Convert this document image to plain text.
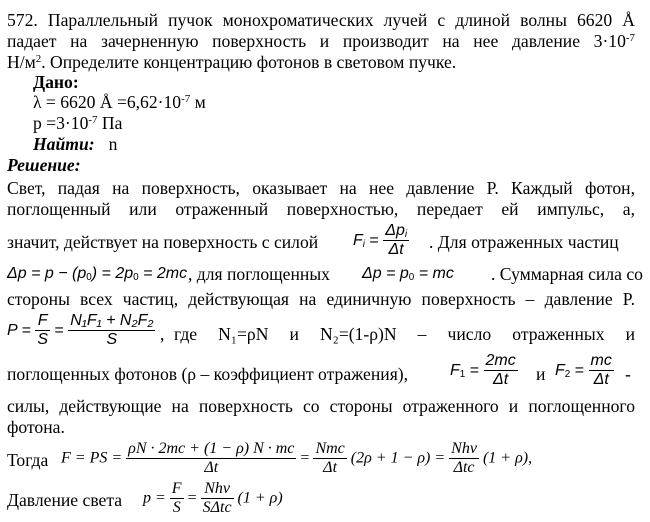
572. Параллельный пучок монохроматических лучей с длиной волны 6620 Å
падает на зачерненную поверхность и производит на нее давление $3\cdot 10^{-7}$
$Н/м^2$. Определите концентрацию фотонов в световом пучке.
Дано:
λ = 6620 Å $=6,62\cdot 10^{-7}$ м
$p =3\cdot 10^{-7}$ Па
Найти: n
Решение:
Свет, падая на поверхность, оказывает на нее давление P. Каждый фотон,
поглощенный или отраженный поверхностью, передает ей импульс, а,
значит, действует на поверхность с силой $F_i = \frac{\Delta p_i}{\Delta t}$ . Для отраженных частиц
$\Delta p = p - (p_0) = 2p_0 = 2mc$ , для поглощенных $\Delta p = p_0$ = mc . Суммарная сила со
стороны всех частиц, действующая на единичную поверхность – давление P.
$P = \frac{F}{S} = \frac{\text{N₁F₁ + N₂F₂}}{S}$ , где N₁=ρN и N₂=(1-ρ)N – число отраженных и
поглощенных фотонов (ρ – коэффициент отражения),	$F_1 = \frac{2mc}{\Delta t}$ и $F_2 = \frac{mc}{\Delta t}$ -
силы, действующие на поверхность со стороны отраженного и поглощенного
фотона.
Тогда F = PS = $\frac{\rho N \cdot 2mc + (1 - \rho) N \cdot mc}{\Delta t} = \frac{\text{Nmc}}{\Delta t} (2\rho + 1 - \rho) = \frac{\text{Nhν}}{\text{Δtc}} (1 + \rho)$,
Давление света $p = \frac{F}{S} = \frac{\text{Nhν}}{\text{SΔtc}} (1 + \rho)$
